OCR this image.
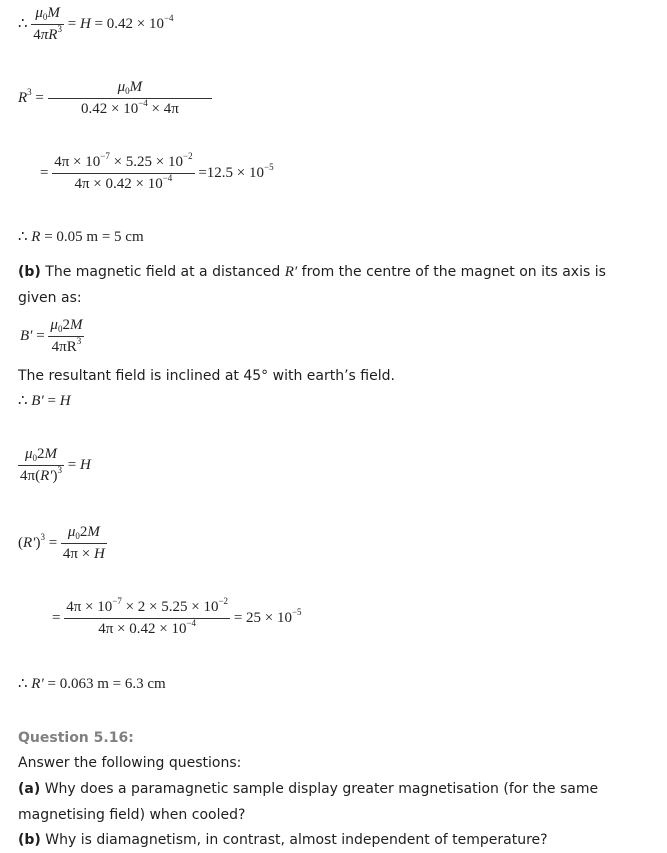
∴ $\frac{\mu_0M}{4\pi R^3} = H = 0.42 \times 10^{-4}$
$R^3 = \frac{\mu_0M}{0.42 \times 10^{-4} \times 4\pi}$
= $\frac{4\pi \times 10^{-7} \times 5.25 \times 10^{-2}}{4\pi \times 0.42 \times 10^{-4}} =12.5 \times 10^{-5}$
∴ R = 0.05 m = 5 cm
(b) The magnetic field at a distanced R′ from the centre of the magnet on its axis is
given as:
$B' = \frac{\mu_02M}{4\pi R^3}$
The resultant field is inclined at 45° with earth’s field.
∴ B′ = H
$\frac{\mu_02M}{4\pi(R')^3} = H$
$(R')^3 = \frac{\mu_02M}{4\pi \times H}$
= $\frac{4\pi \times 10^{-7} \times 2 \times 5.25 \times 10^{-2}}{4\pi \times 0.42 \times 10^{-4}} = 25 \times 10^{-5}$
∴ R′ = 0.063 m = 6.3 cm
Question 5.16:
Answer the following questions:
(a) Why does a paramagnetic sample display greater magnetisation (for the same
magnetising field) when cooled?
(b) Why is diamagnetism, in contrast, almost independent of temperature?
